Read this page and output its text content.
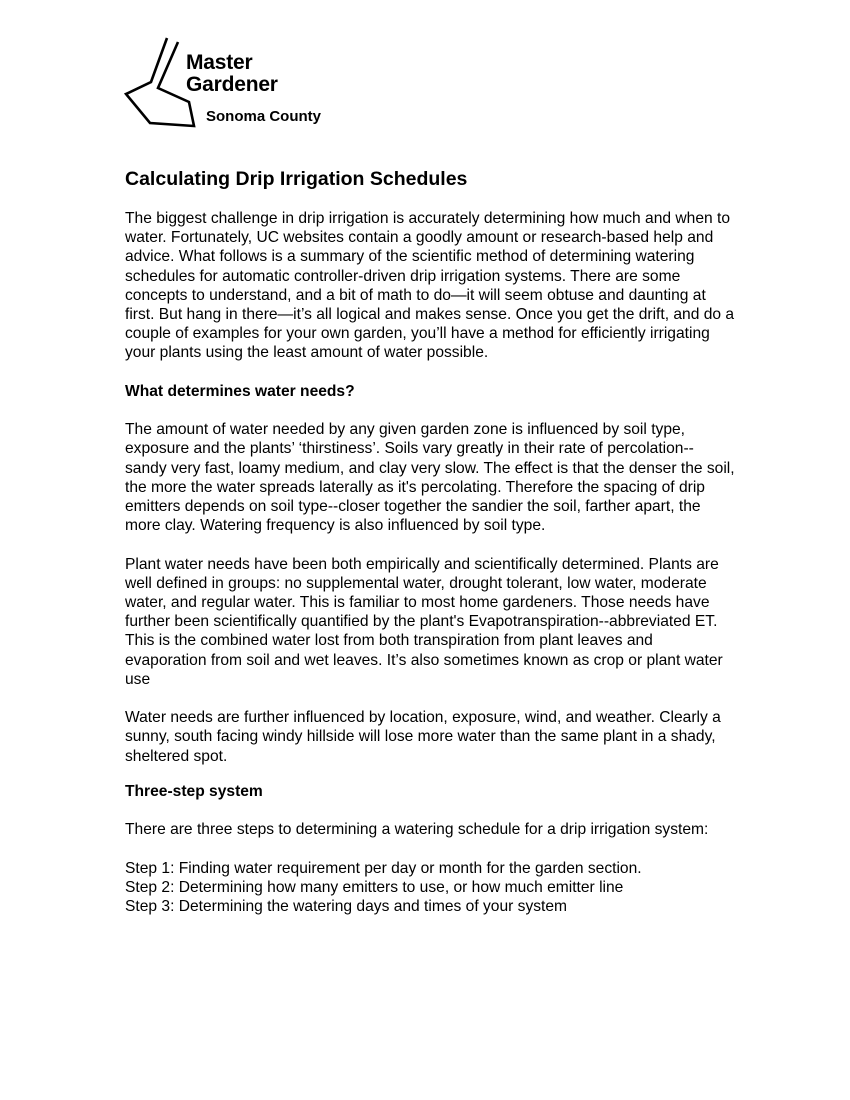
Master
Gardener
Sonoma County
Calculating Drip Irrigation Schedules

The biggest challenge in drip irrigation is accurately determining how much and when to water. Fortunately, UC websites contain a goodly amount or research-based help and advice. What follows is a summary of the scientific method of determining watering schedules for automatic controller-driven drip irrigation systems. There are some concepts to understand, and a bit of math to do—it will seem obtuse and daunting at first. But hang in there—it’s all logical and makes sense. Once you get the drift, and do a couple of examples for your own garden, you’ll have a method for efficiently irrigating your plants using the least amount of water possible.

What determines water needs?

The amount of water needed by any given garden zone is influenced by soil type, exposure and the plants’ ‘thirstiness’. Soils vary greatly in their rate of percolation--sandy very fast, loamy medium, and clay very slow. The effect is that the denser the soil, the more the water spreads laterally as it's percolating. Therefore the spacing of drip emitters depends on soil type--closer together the sandier the soil, farther apart, the more clay. Watering frequency is also influenced by soil type.

Plant water needs have been both empirically and scientifically determined. Plants are well defined in groups: no supplemental water, drought tolerant, low water, moderate water, and regular water. This is familiar to most home gardeners. Those needs have further been scientifically quantified by the plant's Evapotranspiration--abbreviated ET. This is the combined water lost from both transpiration from plant leaves and evaporation from soil and wet leaves. It’s also sometimes known as crop or plant water use

Water needs are further influenced by location, exposure, wind, and weather. Clearly a sunny, south facing windy hillside will lose more water than the same plant in a shady, sheltered spot.

Three-step system

There are three steps to determining a watering schedule for a drip irrigation system:

Step 1: Finding water requirement per day or month for the garden section.

Step 2: Determining how many emitters to use, or how much emitter line

Step 3: Determining the watering days and times of your system
